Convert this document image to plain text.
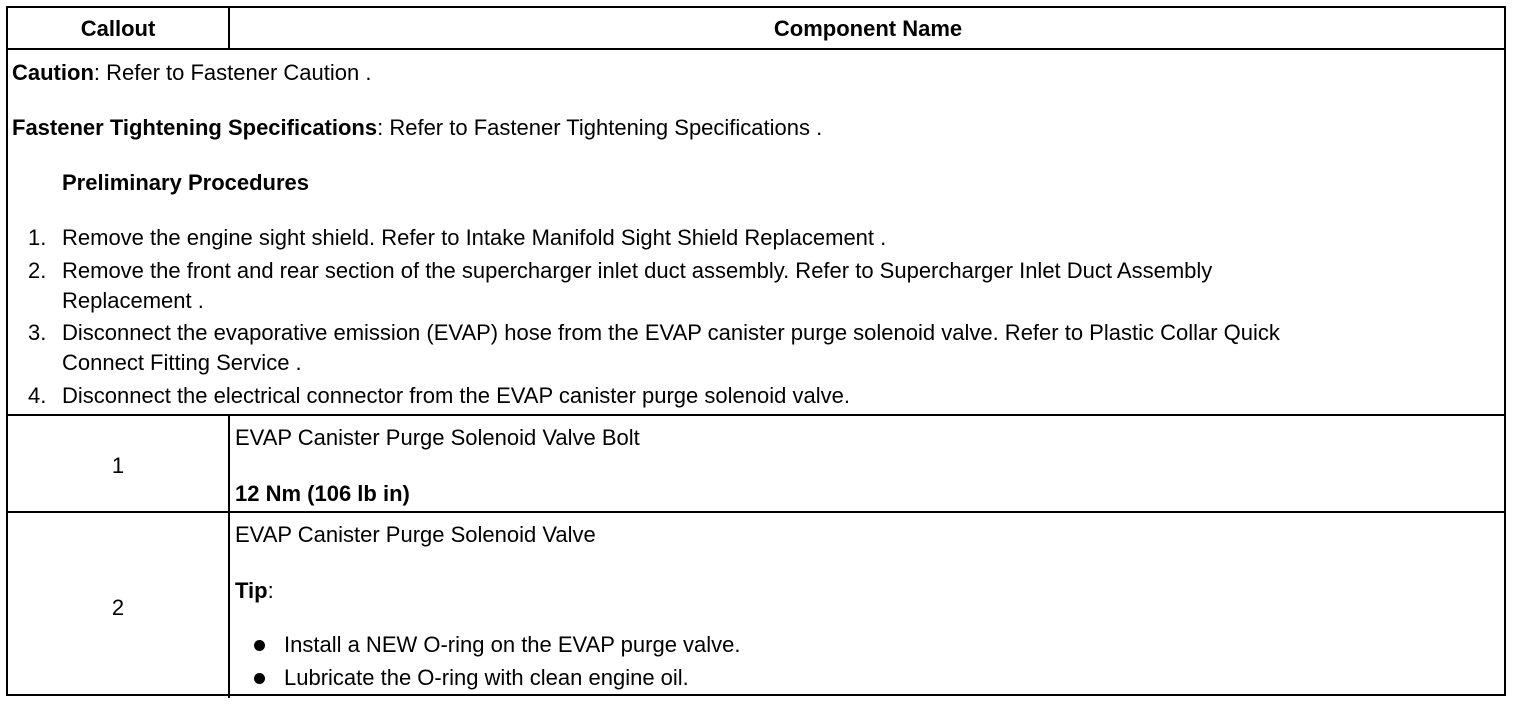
Callout	Component Name
Caution: Refer to Fastener Caution .
Fastener Tightening Specifications: Refer to Fastener Tightening Specifications .
Preliminary Procedures
1. Remove the engine sight shield. Refer to Intake Manifold Sight Shield Replacement .
2. Remove the front and rear section of the supercharger inlet duct assembly. Refer to Supercharger Inlet Duct Assembly
Replacement .
3. Disconnect the evaporative emission (EVAP) hose from the EVAP canister purge solenoid valve. Refer to Plastic Collar Quick
Connect Fitting Service .
4. Disconnect the electrical connector from the EVAP canister purge solenoid valve.
1
EVAP Canister Purge Solenoid Valve Bolt
12 Nm (106 lb in)
2
EVAP Canister Purge Solenoid Valve
Tip:
Install a NEW O-ring on the EVAP purge valve.
Lubricate the O-ring with clean engine oil.
